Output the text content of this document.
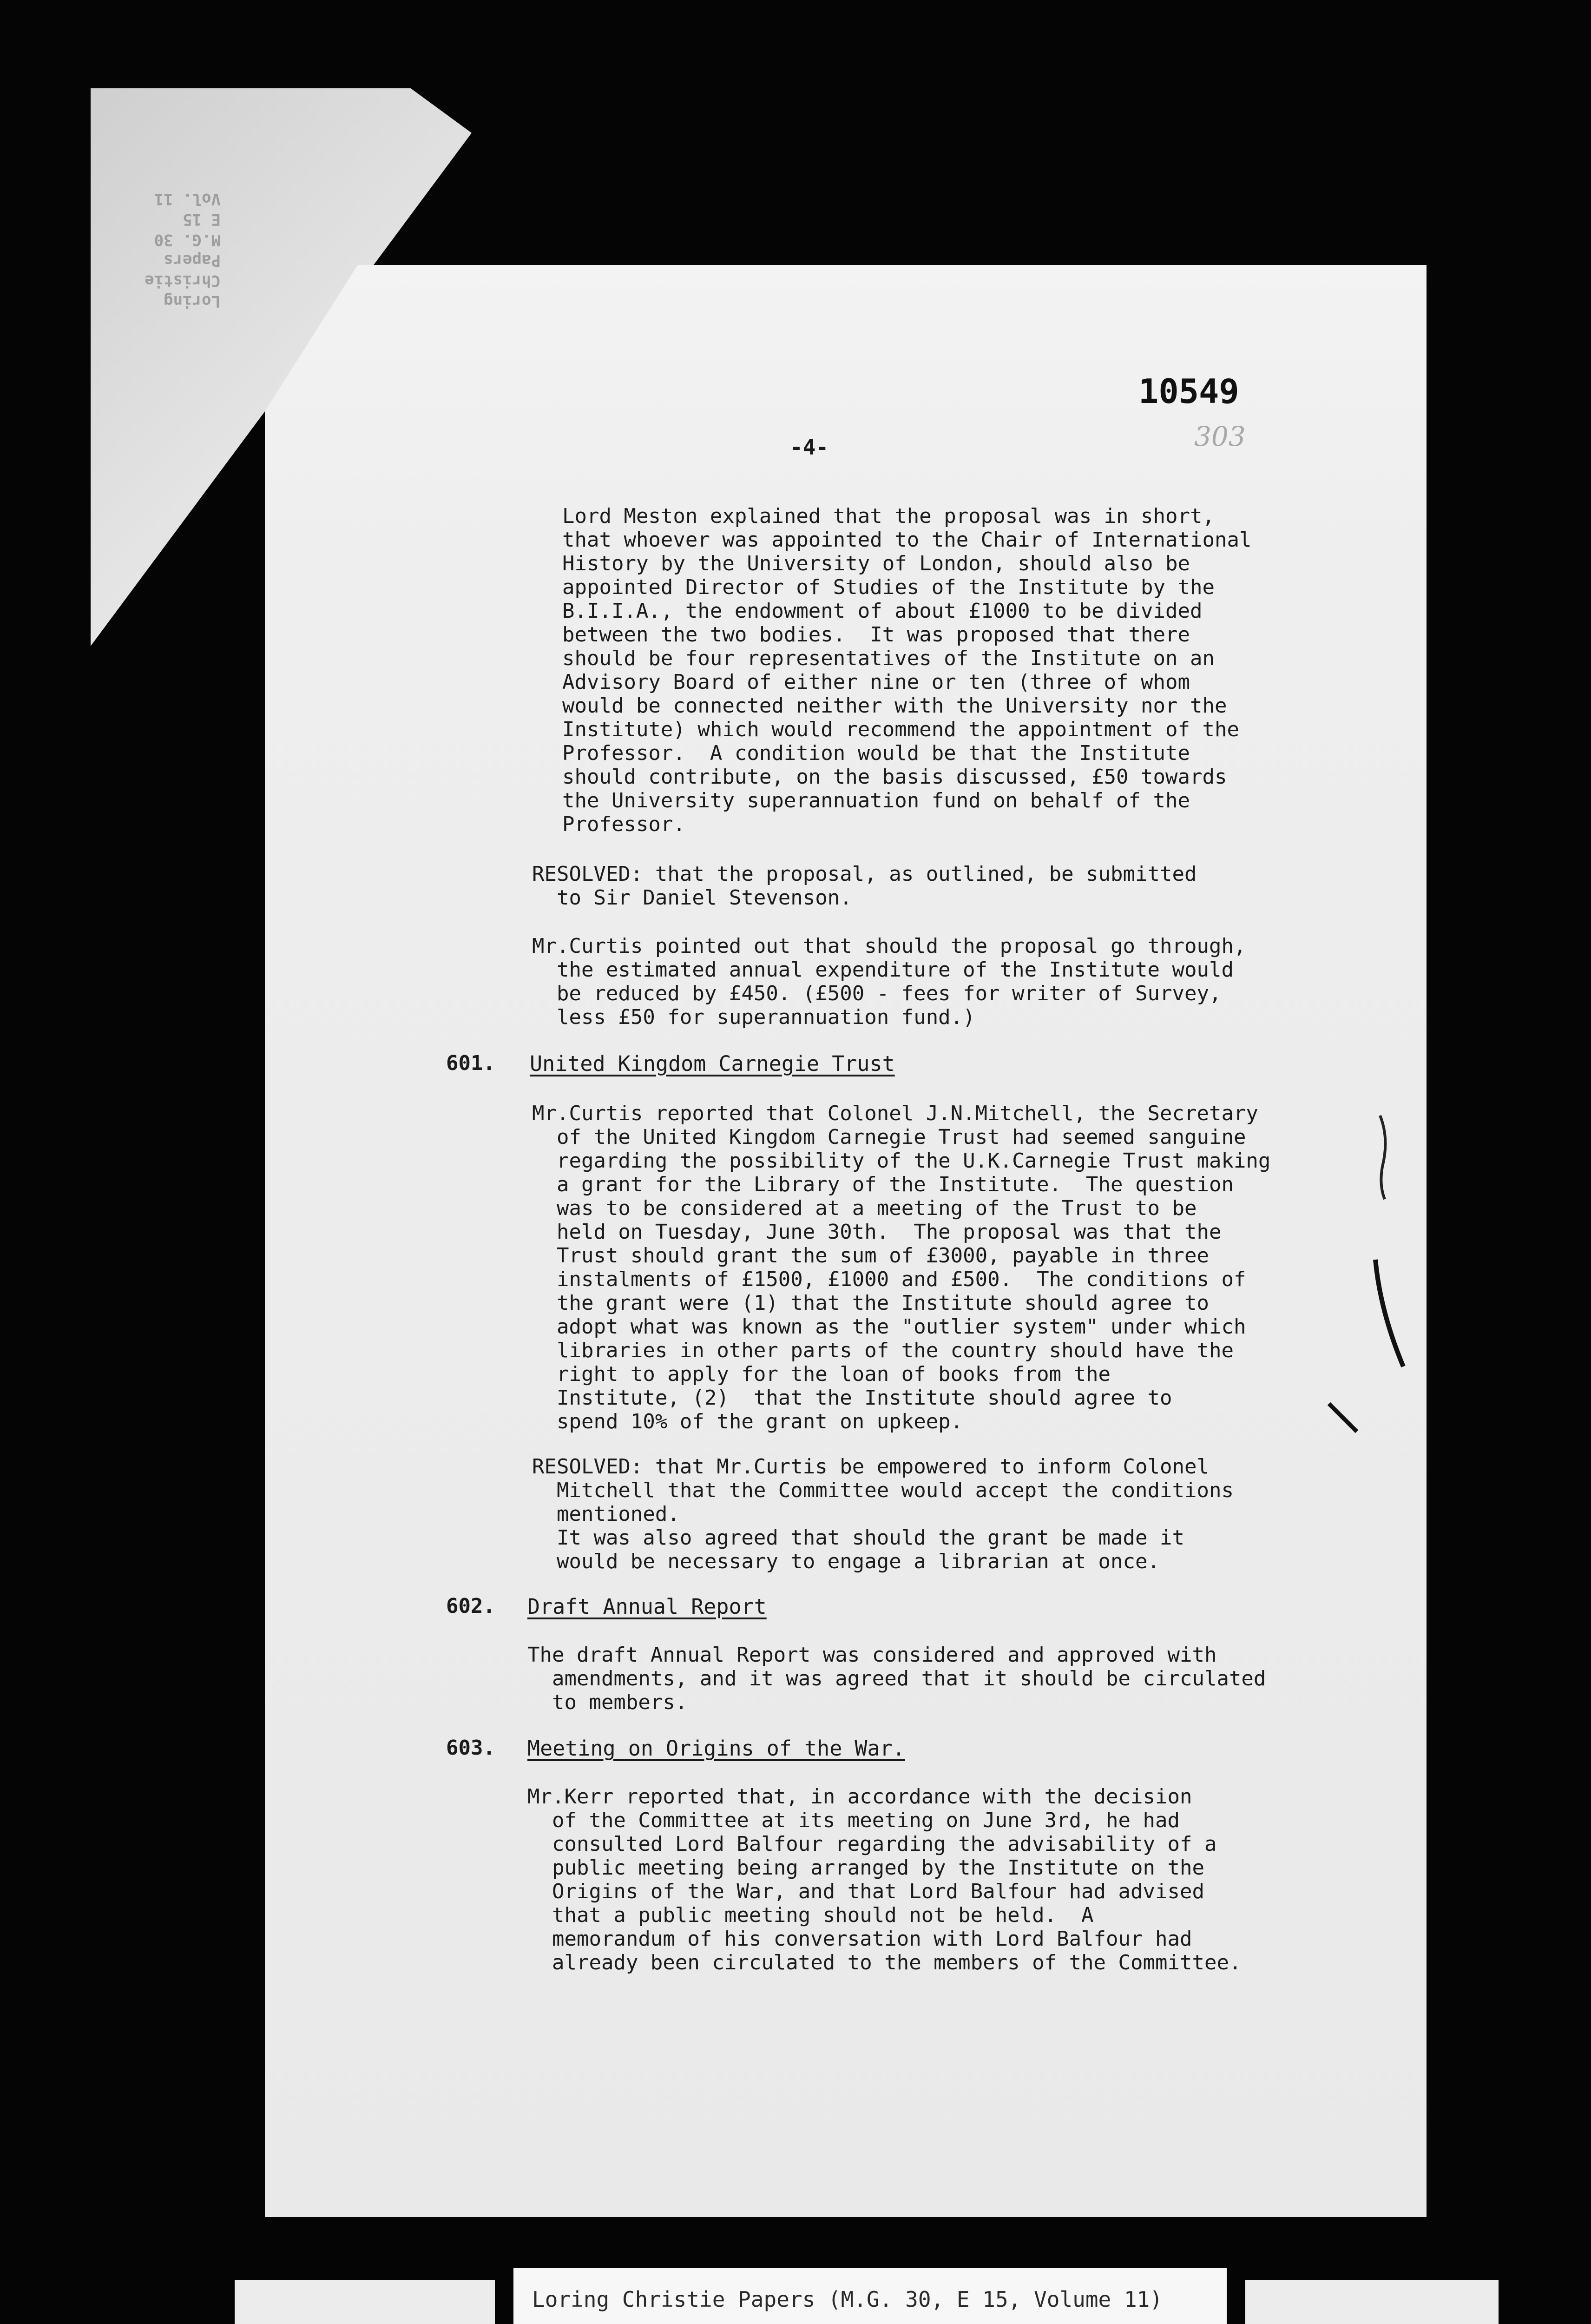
Loring Christie
Papers
M.G. 30
E 15
Vol. 11
10549
303
-4-
Lord Meston explained that the proposal was in short,
that whoever was appointed to the Chair of International
History by the University of London, should also be
appointed Director of Studies of the Institute by the
B.I.I.A., the endowment of about £1000 to be divided
between the two bodies.  It was proposed that there
should be four representatives of the Institute on an
Advisory Board of either nine or ten (three of whom
would be connected neither with the University nor the
Institute) which would recommend the appointment of the
Professor.  A condition would be that the Institute
should contribute, on the basis discussed, £50 towards
the University superannuation fund on behalf of the
Professor.
RESOLVED: that the proposal, as outlined, be submitted
to Sir Daniel Stevenson.
Mr.Curtis pointed out that should the proposal go through,
the estimated annual expenditure of the Institute would
be reduced by £450. (£500 - fees for writer of Survey,
less £50 for superannuation fund.)
601. United Kingdom Carnegie Trust
Mr.Curtis reported that Colonel J.N.Mitchell, the Secretary
of the United Kingdom Carnegie Trust had seemed sanguine
regarding the possibility of the U.K.Carnegie Trust making
a grant for the Library of the Institute.  The question
was to be considered at a meeting of the Trust to be
held on Tuesday, June 30th.  The proposal was that the
Trust should grant the sum of £3000, payable in three
instalments of £1500, £1000 and £500.  The conditions of
the grant were (1) that the Institute should agree to
adopt what was known as the "outlier system" under which
libraries in other parts of the country should have the
right to apply for the loan of books from the
Institute, (2)  that the Institute should agree to
spend 10% of the grant on upkeep.
RESOLVED: that Mr.Curtis be empowered to inform Colonel
Mitchell that the Committee would accept the conditions
mentioned.
It was also agreed that should the grant be made it
would be necessary to engage a librarian at once.
602. Draft Annual Report
The draft Annual Report was considered and approved with
amendments, and it was agreed that it should be circulated
to members.
603. Meeting on Origins of the War.
Mr.Kerr reported that, in accordance with the decision
of the Committee at its meeting on June 3rd, he had
consulted Lord Balfour regarding the advisability of a
public meeting being arranged by the Institute on the
Origins of the War, and that Lord Balfour had advised
that a public meeting should not be held.  A
memorandum of his conversation with Lord Balfour had
already been circulated to the members of the Committee.
Loring Christie Papers (M.G. 30, E 15, Volume 11)
